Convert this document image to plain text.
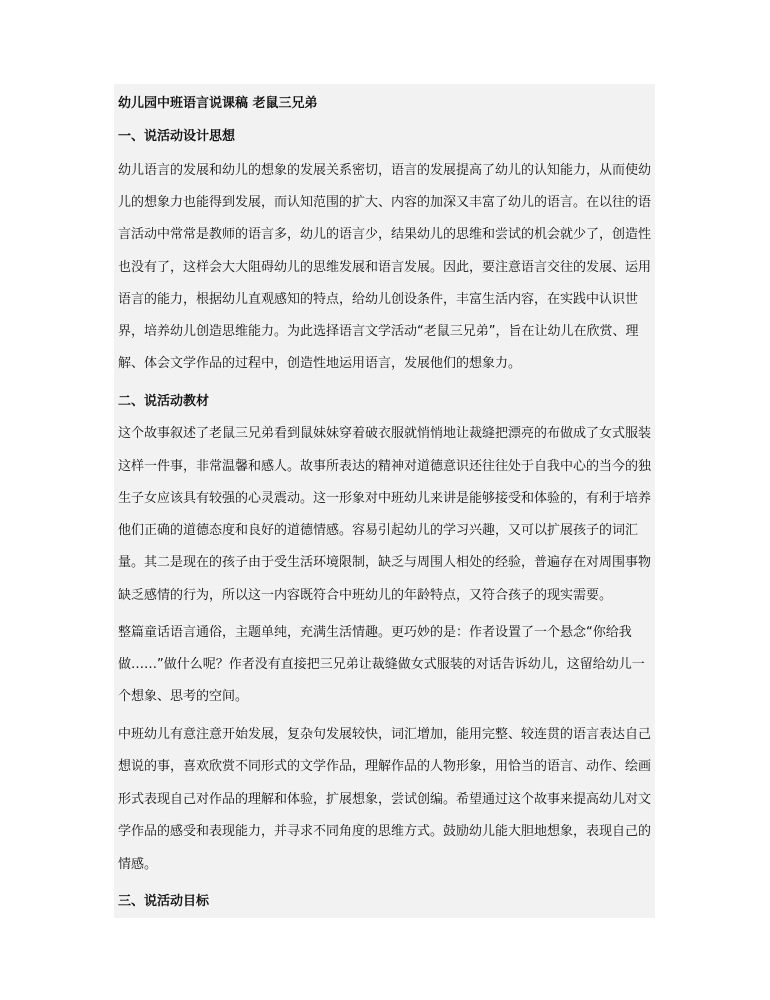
幼儿园中班语言说课稿 老鼠三兄弟
一、说活动设计思想
幼儿语言的发展和幼儿的想象的发展关系密切，语言的发展提高了幼儿的认知能力，从而使幼
儿的想象力也能得到发展，而认知范围的扩大、内容的加深又丰富了幼儿的语言。在以往的语
言活动中常常是教师的语言多，幼儿的语言少，结果幼儿的思维和尝试的机会就少了，创造性
也没有了，这样会大大阻碍幼儿的思维发展和语言发展。因此，要注意语言交往的发展、运用
语言的能力，根据幼儿直观感知的特点，给幼儿创设条件，丰富生活内容，在实践中认识世
界，培养幼儿创造思维能力。为此选择语言文学活动“老鼠三兄弟”，旨在让幼儿在欣赏、理
解、体会文学作品的过程中，创造性地运用语言，发展他们的想象力。
二、说活动教材
这个故事叙述了老鼠三兄弟看到鼠妹妹穿着破衣服就悄悄地让裁缝把漂亮的布做成了女式服装
这样一件事，非常温馨和感人。故事所表达的精神对道德意识还往往处于自我中心的当今的独
生子女应该具有较强的心灵震动。这一形象对中班幼儿来讲是能够接受和体验的，有利于培养
他们正确的道德态度和良好的道德情感。容易引起幼儿的学习兴趣，又可以扩展孩子的词汇
量。其二是现在的孩子由于受生活环境限制，缺乏与周围人相处的经验，普遍存在对周围事物
缺乏感情的行为，所以这一内容既符合中班幼儿的年龄特点，又符合孩子的现实需要。
整篇童话语言通俗，主题单纯，充满生活情趣。更巧妙的是：作者设置了一个悬念“你给我
做……”做什么呢？作者没有直接把三兄弟让裁缝做女式服装的对话告诉幼儿，这留给幼儿一
个想象、思考的空间。
中班幼儿有意注意开始发展，复杂句发展较快，词汇增加，能用完整、较连贯的语言表达自己
想说的事，喜欢欣赏不同形式的文学作品，理解作品的人物形象，用恰当的语言、动作、绘画
形式表现自己对作品的理解和体验，扩展想象，尝试创编。希望通过这个故事来提高幼儿对文
学作品的感受和表现能力，并寻求不同角度的思维方式。鼓励幼儿能大胆地想象，表现自己的
情感。
三、说活动目标
